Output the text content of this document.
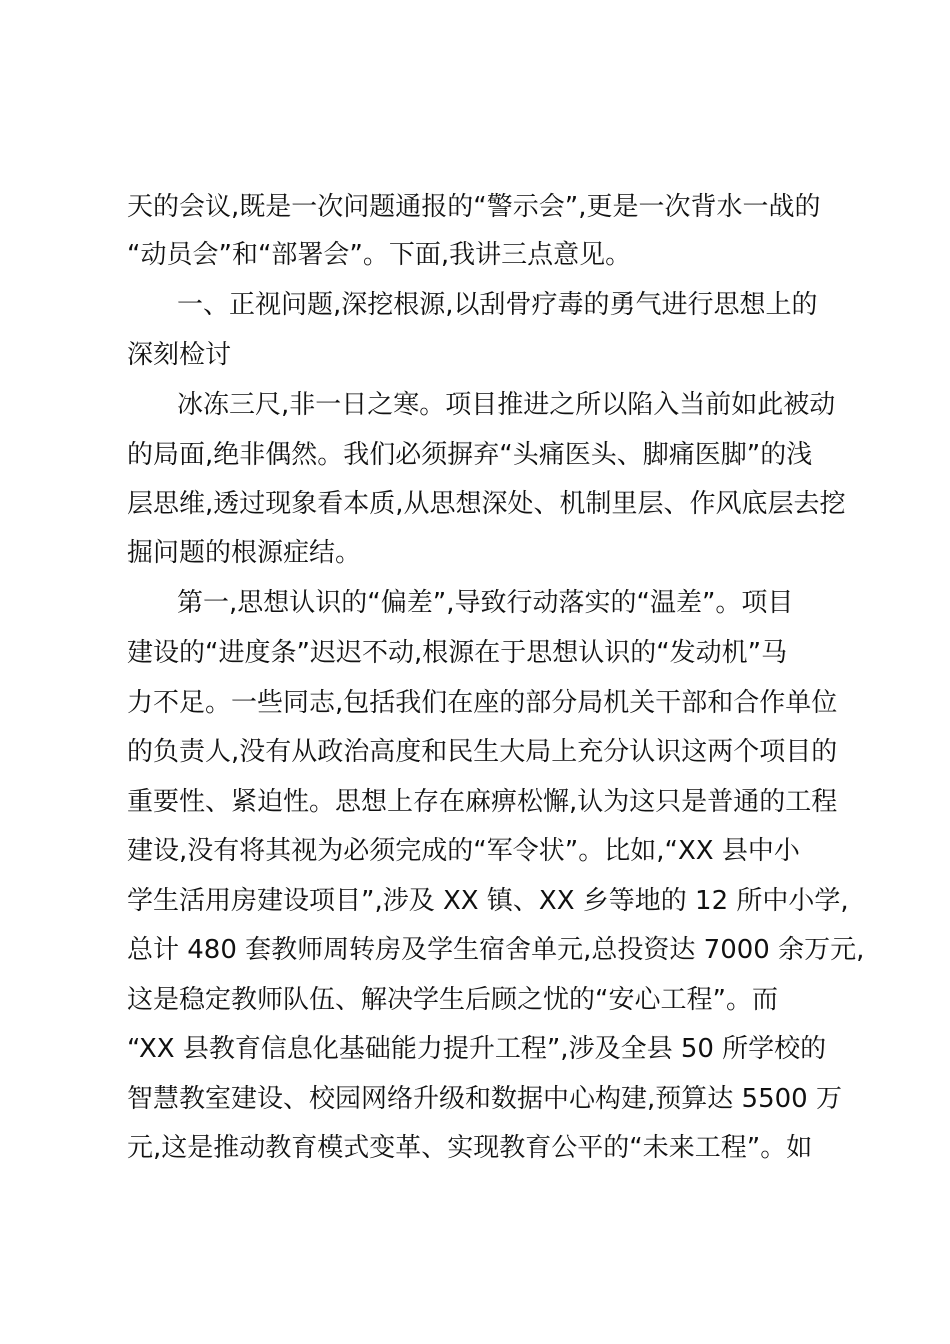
天的会议,既是一次问题通报的“警示会”,更是一次背水一战的
“动员会”和“部署会”。下面,我讲三点意见。
一、正视问题,深挖根源,以刮骨疗毒的勇气进行思想上的
深刻检讨
冰冻三尺,非一日之寒。项目推进之所以陷入当前如此被动
的局面,绝非偶然。我们必须摒弃“头痛医头、脚痛医脚”的浅
层思维,透过现象看本质,从思想深处、机制里层、作风底层去挖
掘问题的根源症结。
第一,思想认识的“偏差”,导致行动落实的“温差”。项目
建设的“进度条”迟迟不动,根源在于思想认识的“发动机”马
力不足。一些同志,包括我们在座的部分局机关干部和合作单位
的负责人,没有从政治高度和民生大局上充分认识这两个项目的
重要性、紧迫性。思想上存在麻痹松懈,认为这只是普通的工程
建设,没有将其视为必须完成的“军令状”。比如,“XX 县中小
学生活用房建设项目”,涉及 XX 镇、XX 乡等地的 12 所中小学,
总计 480 套教师周转房及学生宿舍单元,总投资达 7000 余万元,
这是稳定教师队伍、解决学生后顾之忧的“安心工程”。而
“XX 县教育信息化基础能力提升工程”,涉及全县 50 所学校的
智慧教室建设、校园网络升级和数据中心构建,预算达 5500 万
元,这是推动教育模式变革、实现教育公平的“未来工程”。如
